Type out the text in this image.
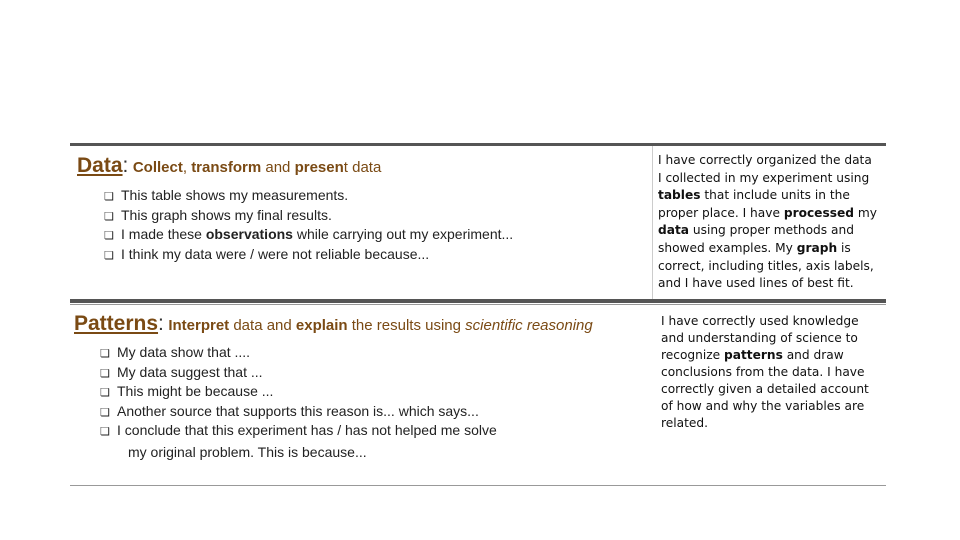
Data: Collect, transform and present data
❏ This table shows my measurements.
❏ This graph shows my final results.
❏ I made these observations while carrying out my experiment...
❏ I think my data were / were not reliable because...
I have correctly organized the data
I collected in my experiment using
tables that include units in the
proper place. I have processed my
data using proper methods and
showed examples. My graph is
correct, including titles, axis labels,
and I have used lines of best fit.
Patterns: Interpret data and explain the results using scientific reasoning
❏ My data show that ....
❏ My data suggest that ...
❏ This might be because ...
❏ Another source that supports this reason is... which says...
❏ I conclude that this experiment has / has not helped me solve
my original problem. This is because...
I have correctly used knowledge
and understanding of science to
recognize patterns and draw
conclusions from the data. I have
correctly given a detailed account
of how and why the variables are
related.
